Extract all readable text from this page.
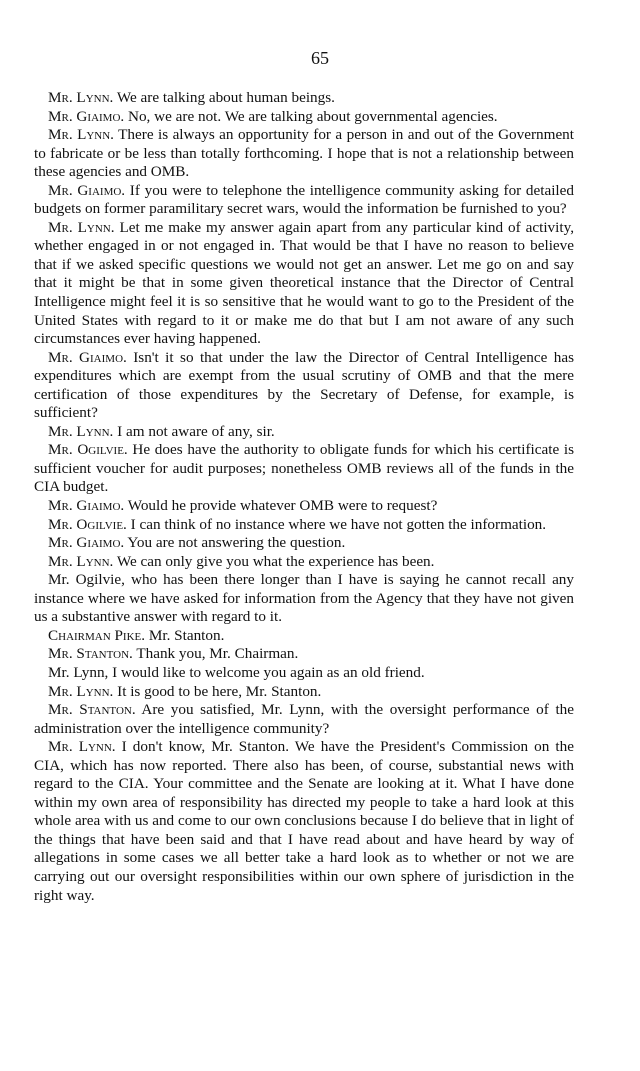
65

Mr. Lynn. We are talking about human beings.

Mr. Giaimo. No, we are not. We are talking about governmental agencies.

Mr. Lynn. There is always an opportunity for a person in and out of the Government to fabricate or be less than totally forthcoming. I hope that is not a relationship between these agencies and OMB.

Mr. Giaimo. If you were to telephone the intelligence community asking for detailed budgets on former paramilitary secret wars, would the information be furnished to you?

Mr. Lynn. Let me make my answer again apart from any particular kind of activity, whether engaged in or not engaged in. That would be that I have no reason to believe that if we asked specific questions we would not get an answer. Let me go on and say that it might be that in some given theoretical instance that the Director of Central Intelligence might feel it is so sensitive that he would want to go to the President of the United States with regard to it or make me do that but I am not aware of any such circumstances ever having happened.

Mr. Giaimo. Isn't it so that under the law the Director of Central Intelligence has expenditures which are exempt from the usual scrutiny of OMB and that the mere certification of those expenditures by the Secretary of Defense, for example, is sufficient?

Mr. Lynn. I am not aware of any, sir.

Mr. Ogilvie. He does have the authority to obligate funds for which his certificate is sufficient voucher for audit purposes; nonetheless OMB reviews all of the funds in the CIA budget.

Mr. Giaimo. Would he provide whatever OMB were to request?

Mr. Ogilvie. I can think of no instance where we have not gotten the information.

Mr. Giaimo. You are not answering the question.

Mr. Lynn. We can only give you what the experience has been.

Mr. Ogilvie, who has been there longer than I have is saying he cannot recall any instance where we have asked for information from the Agency that they have not given us a substantive answer with regard to it.

Chairman Pike. Mr. Stanton.

Mr. Stanton. Thank you, Mr. Chairman.

Mr. Lynn, I would like to welcome you again as an old friend.

Mr. Lynn. It is good to be here, Mr. Stanton.

Mr. Stanton. Are you satisfied, Mr. Lynn, with the oversight performance of the administration over the intelligence community?

Mr. Lynn. I don't know, Mr. Stanton. We have the President's Commission on the CIA, which has now reported. There also has been, of course, substantial news with regard to the CIA. Your committee and the Senate are looking at it. What I have done within my own area of responsibility has directed my people to take a hard look at this whole area with us and come to our own conclusions because I do believe that in light of the things that have been said and that I have read about and have heard by way of allegations in some cases we all better take a hard look as to whether or not we are carrying out our oversight responsibilities within our own sphere of jurisdiction in the right way.
